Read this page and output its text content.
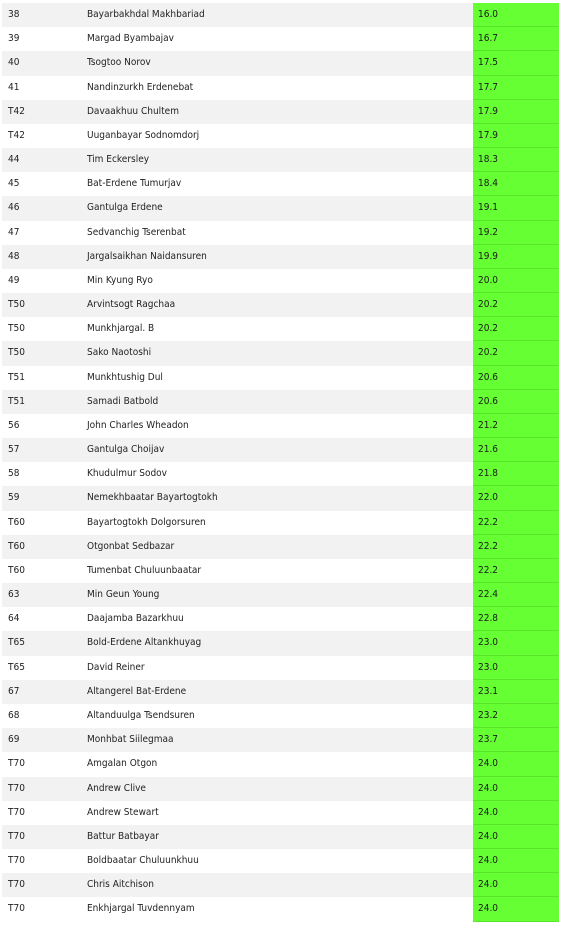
38	Bayarbakhdal Makhbariad	16.0
39	Margad Byambajav	16.7
40	Tsogtoo Norov	17.5
41	Nandinzurkh Erdenebat	17.7
T42	Davaakhuu Chultem	17.9
T42	Uuganbayar Sodnomdorj	17.9
44	Tim Eckersley	18.3
45	Bat-Erdene Tumurjav	18.4
46	Gantulga Erdene	19.1
47	Sedvanchig Tserenbat	19.2
48	Jargalsaikhan Naidansuren	19.9
49	Min Kyung Ryo	20.0
T50	Arvintsogt Ragchaa	20.2
T50	Munkhjargal. B	20.2
T50	Sako Naotoshi	20.2
T51	Munkhtushig Dul	20.6
T51	Samadi Batbold	20.6
56	John Charles Wheadon	21.2
57	Gantulga Choijav	21.6
58	Khudulmur Sodov	21.8
59	Nemekhbaatar Bayartogtokh	22.0
T60	Bayartogtokh Dolgorsuren	22.2
T60	Otgonbat Sedbazar	22.2
T60	Tumenbat Chuluunbaatar	22.2
63	Min Geun Young	22.4
64	Daajamba Bazarkhuu	22.8
T65	Bold-Erdene Altankhuyag	23.0
T65	David Reiner	23.0
67	Altangerel Bat-Erdene	23.1
68	Altanduulga Tsendsuren	23.2
69	Monhbat Siilegmaa	23.7
T70	Amgalan Otgon	24.0
T70	Andrew Clive	24.0
T70	Andrew Stewart	24.0
T70	Battur Batbayar	24.0
T70	Boldbaatar Chuluunkhuu	24.0
T70	Chris Aitchison	24.0
T70	Enkhjargal Tuvdennyam	24.0
